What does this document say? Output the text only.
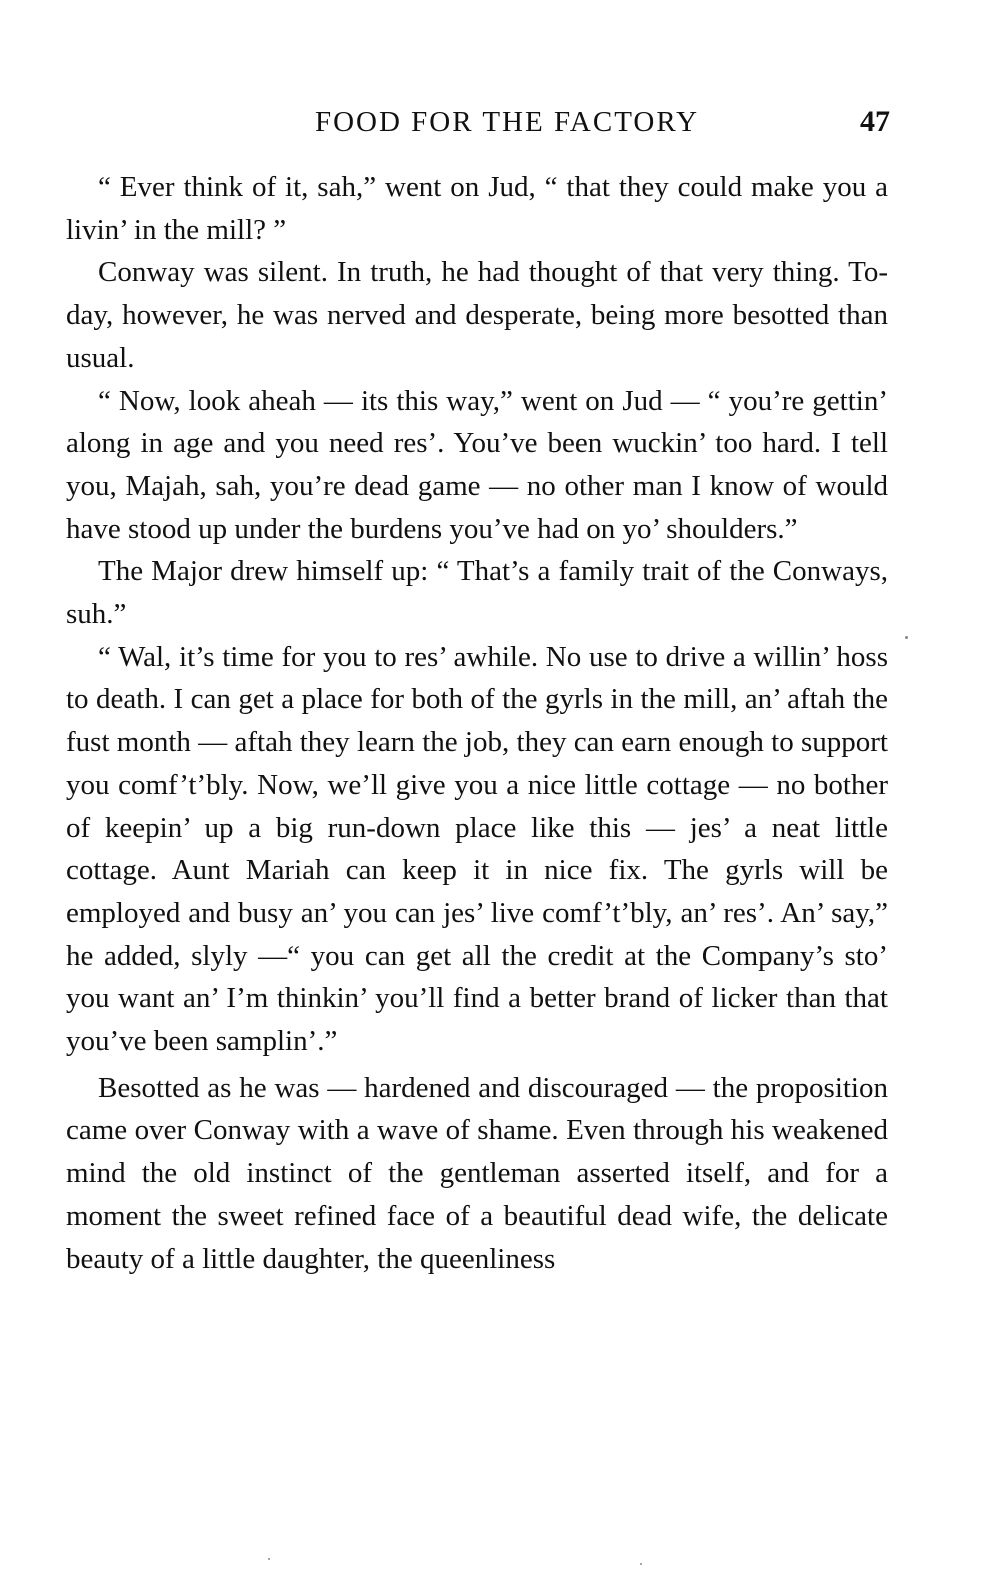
FOOD FOR THE FACTORY	47

“ Ever think of it, sah,” went on Jud, “ that they could make you a livin’ in the mill? ”

Conway was silent. In truth, he had thought of that very thing. To-day, however, he was nerved and desperate, being more besotted than usual.

“ Now, look aheah — its this way,” went on Jud — “ you’re gettin’ along in age and you need res’. You’ve been wuckin’ too hard. I tell you, Majah, sah, you’re dead game — no other man I know of would have stood up under the burdens you’ve had on yo’ shoulders.”

The Major drew himself up: “ That’s a family trait of the Conways, suh.”

“ Wal, it’s time for you to res’ awhile. No use to drive a willin’ hoss to death. I can get a place for both of the gyrls in the mill, an’ aftah the fust month — aftah they learn the job, they can earn enough to support you comf’t’bly. Now, we’ll give you a nice little cottage — no bother of keepin’ up a big run-down place like this — jes’ a neat little cottage. Aunt Mariah can keep it in nice fix. The gyrls will be employed and busy an’ you can jes’ live comf’t’bly, an’ res’. An’ say,” he added, slyly —“ you can get all the credit at the Company’s sto’ you want an’ I’m thinkin’ you’ll find a better brand of licker than that you’ve been samplin’.”

Besotted as he was — hardened and discouraged — the proposition came over Conway with a wave of shame. Even through his weakened mind the old instinct of the gentleman asserted itself, and for a moment the sweet refined face of a beautiful dead wife, the delicate beauty of a little daughter, the queenliness
